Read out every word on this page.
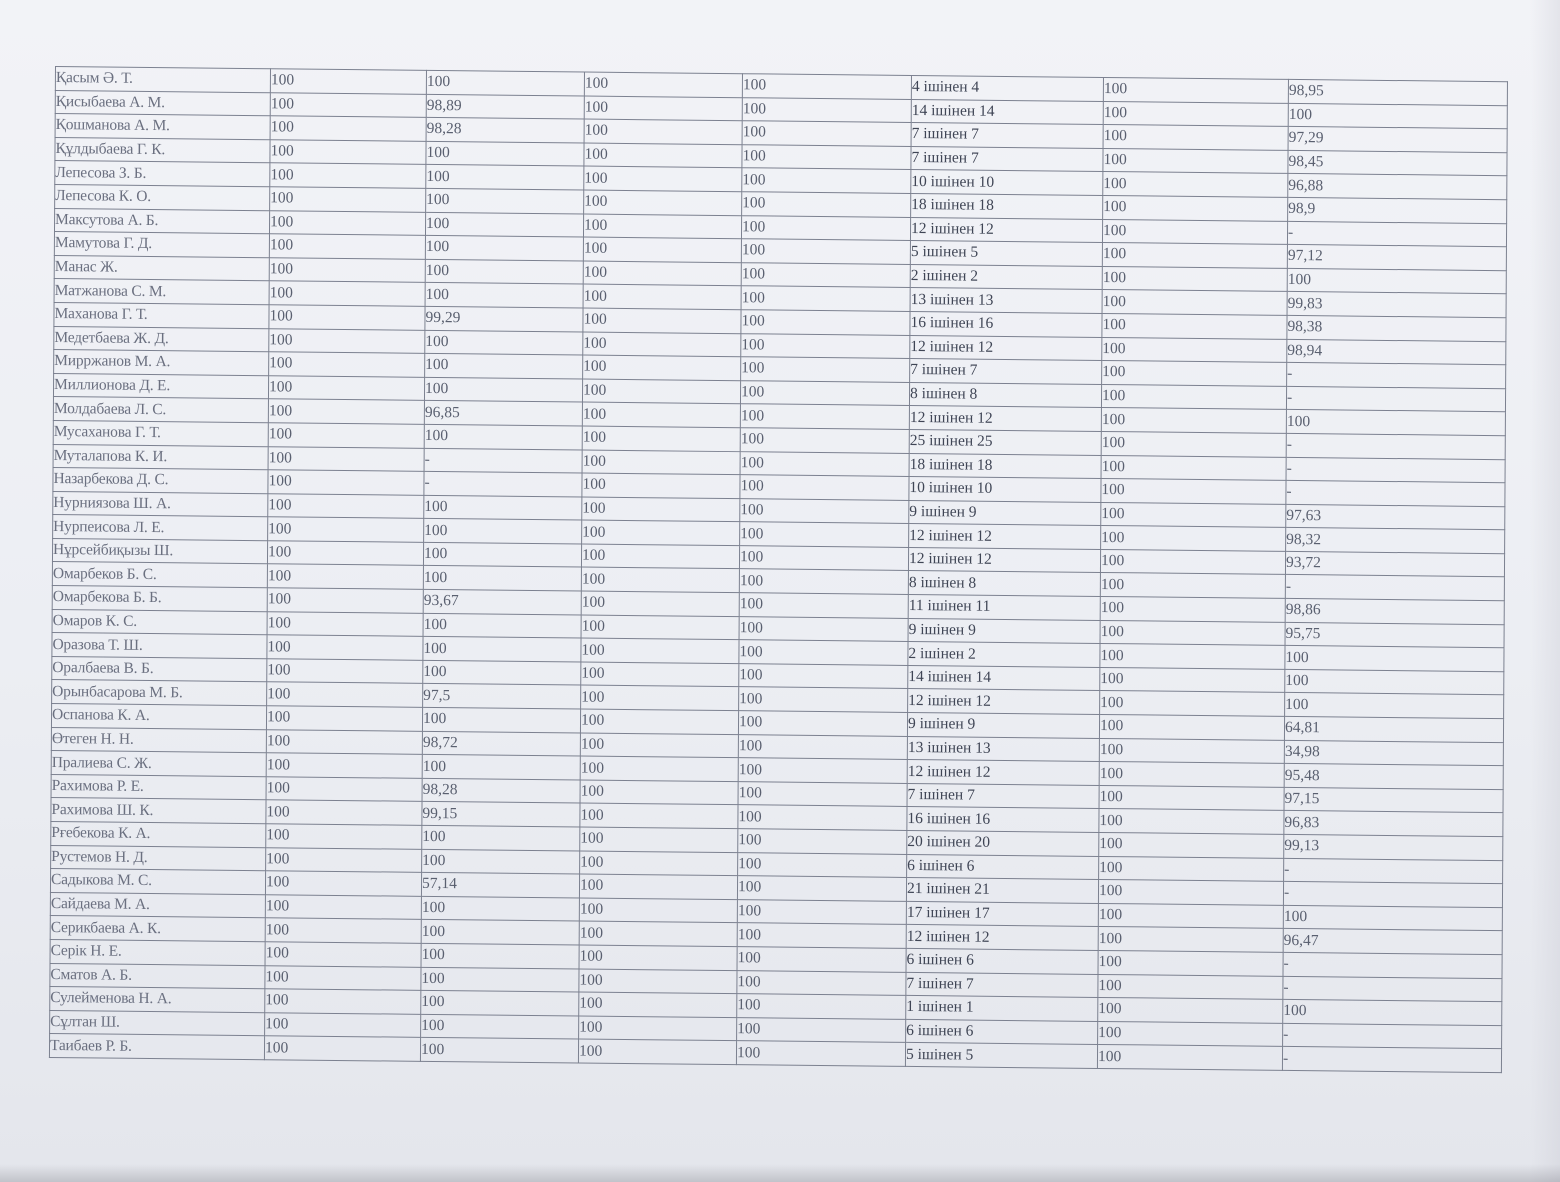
Қасым Ә. Т.	100	100	100	100	4 ішінен 4	100	98,95
Қисыбаева А. М.	100	98,89	100	100	14 ішінен 14	100	100
Қошманова А. М.	100	98,28	100	100	7 ішінен 7	100	97,29
Құлдыбаева Г. К.	100	100	100	100	7 ішінен 7	100	98,45
Лепесова З. Б.	100	100	100	100	10 ішінен 10	100	96,88
Лепесова К. О.	100	100	100	100	18 ішінен 18	100	98,9
Максутова А. Б.	100	100	100	100	12 ішінен 12	100	-
Мамутова Г. Д.	100	100	100	100	5 ішінен 5	100	97,12
Манас Ж.	100	100	100	100	2 ішінен 2	100	100
Матжанова С. М.	100	100	100	100	13 ішінен 13	100	99,83
Маханова Г. Т.	100	99,29	100	100	16 ішінен 16	100	98,38
Медетбаева Ж. Д.	100	100	100	100	12 ішінен 12	100	98,94
Мирржанов М. А.	100	100	100	100	7 ішінен 7	100	-
Миллионова Д. Е.	100	100	100	100	8 ішінен 8	100	-
Молдабаева Л. С.	100	96,85	100	100	12 ішінен 12	100	100
Мусаханова Г. Т.	100	100	100	100	25 ішінен 25	100	-
Муталапова К. И.	100	-	100	100	18 ішінен 18	100	-
Назарбекова Д. С.	100	-	100	100	10 ішінен 10	100	-
Нурниязова Ш. А.	100	100	100	100	9 ішінен 9	100	97,63
Нурпеисова Л. Е.	100	100	100	100	12 ішінен 12	100	98,32
Нұрсейбиқызы Ш.	100	100	100	100	12 ішінен 12	100	93,72
Омарбеков Б. С.	100	100	100	100	8 ішінен 8	100	-
Омарбекова Б. Б.	100	93,67	100	100	11 ішінен 11	100	98,86
Омаров К. С.	100	100	100	100	9 ішінен 9	100	95,75
Оразова Т. Ш.	100	100	100	100	2 ішінен 2	100	100
Оралбаева В. Б.	100	100	100	100	14 ішінен 14	100	100
Орынбасарова М. Б.	100	97,5	100	100	12 ішінен 12	100	100
Оспанова К. А.	100	100	100	100	9 ішінен 9	100	64,81
Өтеген Н. Н.	100	98,72	100	100	13 ішінен 13	100	34,98
Пралиева С. Ж.	100	100	100	100	12 ішінен 12	100	95,48
Рахимова Р. Е.	100	98,28	100	100	7 ішінен 7	100	97,15
Рахимова Ш. К.	100	99,15	100	100	16 ішінен 16	100	96,83
Рғебекова К. А.	100	100	100	100	20 ішінен 20	100	99,13
Рустемов Н. Д.	100	100	100	100	6 ішінен 6	100	-
Садыкова М. С.	100	57,14	100	100	21 ішінен 21	100	-
Сайдаева М. А.	100	100	100	100	17 ішінен 17	100	100
Серикбаева А. К.	100	100	100	100	12 ішінен 12	100	96,47
Серік Н. Е.	100	100	100	100	6 ішінен 6	100	-
Сматов А. Б.	100	100	100	100	7 ішінен 7	100	-
Сулейменова Н. А.	100	100	100	100	1 ішінен 1	100	100
Сұлтан Ш.	100	100	100	100	6 ішінен 6	100	-
Таибаев Р. Б.	100	100	100	100	5 ішінен 5	100	-
